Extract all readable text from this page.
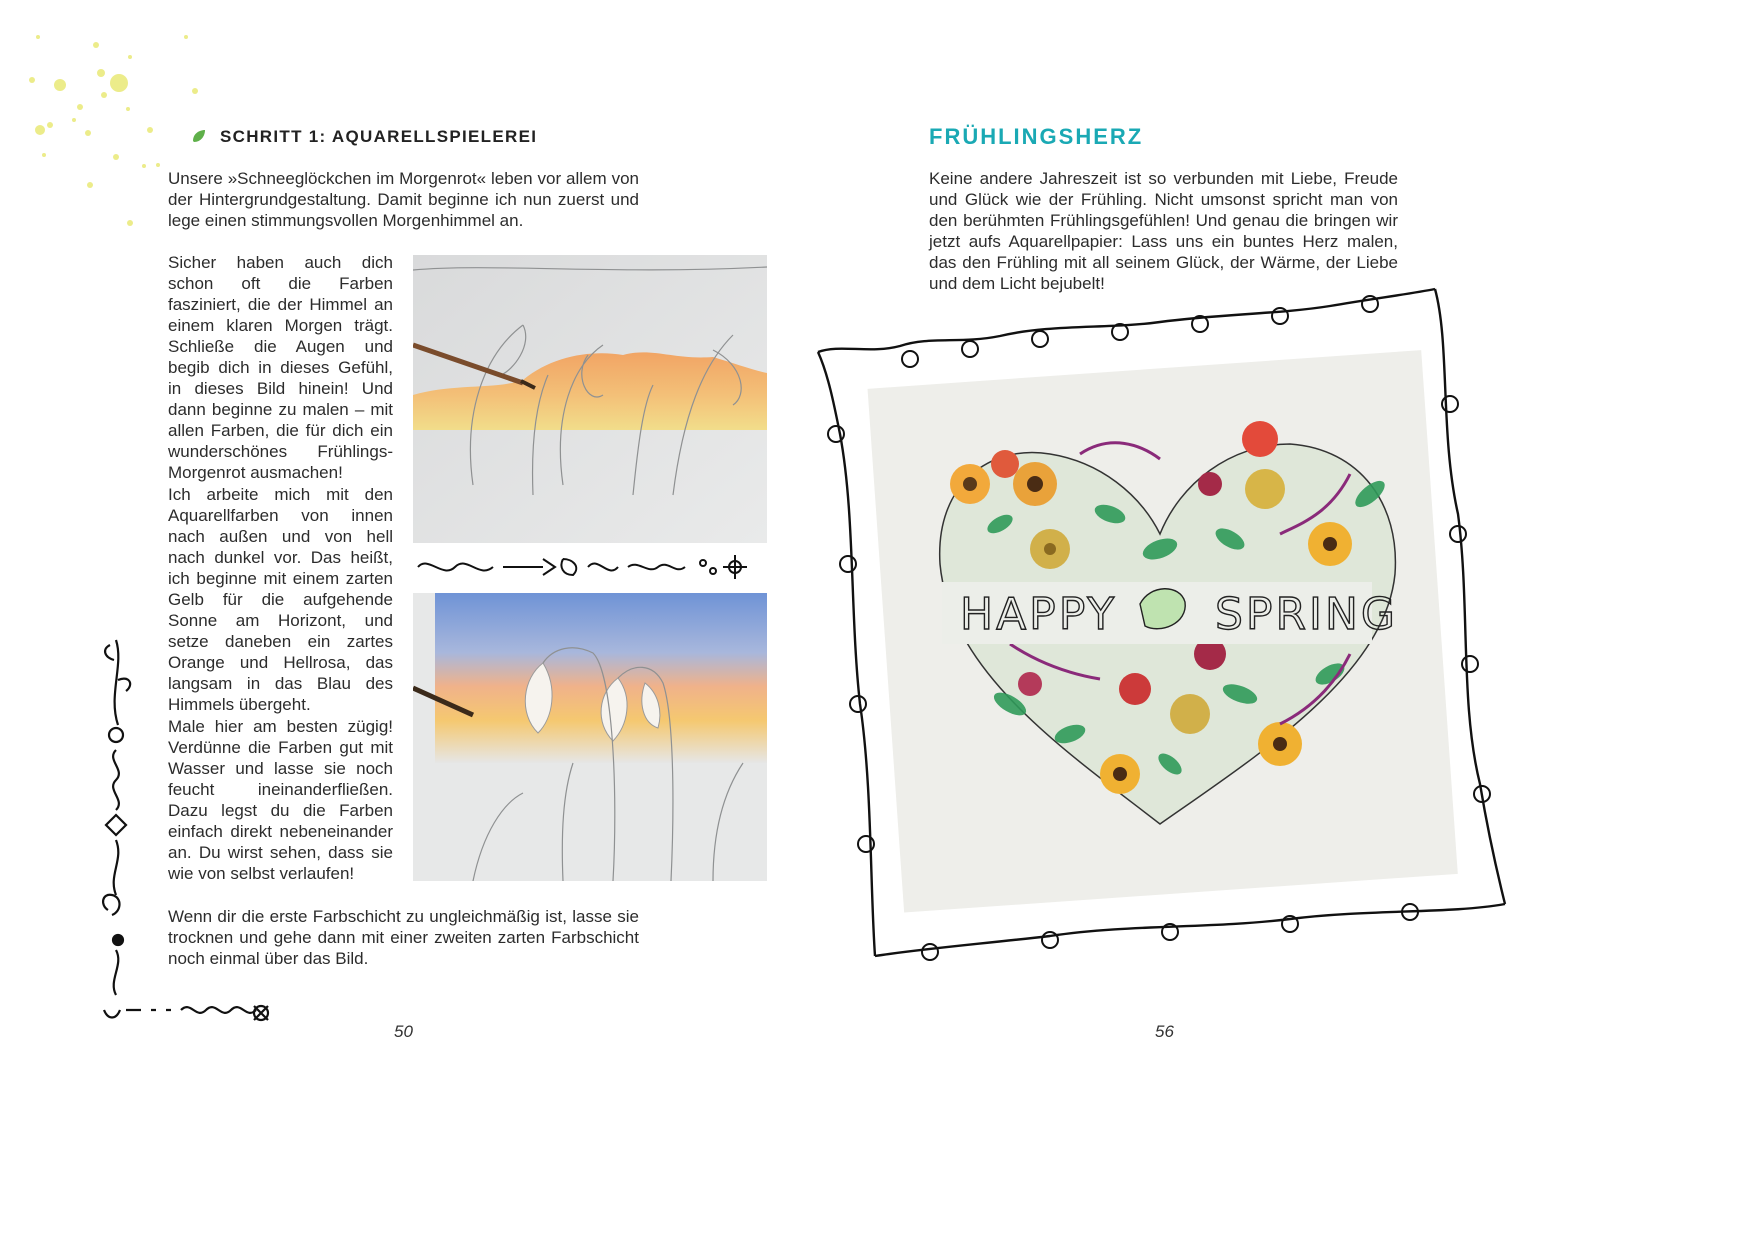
SCHRITT 1: AQUARELLSPIELEREI

Unsere »Schneeglöckchen im Morgenrot« leben vor allem von der Hintergrundgestaltung. Damit beginne ich nun zuerst und lege einen stimmungsvollen Morgenhimmel an.

Sicher haben auch dich schon oft die Farben fasziniert, die der Himmel an einem klaren Morgen trägt. Schließe die Augen und begib dich in dieses Gefühl, in dieses Bild hinein! Und dann beginne zu malen – mit allen Farben, die für dich ein wunderschönes Frühlings-Morgenrot ausmachen!

Ich arbeite mich mit den Aquarellfarben von innen nach außen und von hell nach dunkel vor. Das heißt, ich beginne mit einem zarten Gelb für die aufgehende Sonne am Horizont, und setze daneben ein zartes Orange und Hellrosa, das langsam in das Blau des Himmels übergeht.

Male hier am besten zügig! Verdünne die Farben gut mit Wasser und lasse sie noch feucht ineinanderfließen. Dazu legst du die Farben einfach direkt nebeneinander an. Du wirst sehen, dass sie wie von selbst verlaufen!

Wenn dir die erste Farbschicht zu ungleichmäßig ist, lasse sie trocknen und gehe dann mit einer zweiten zarten Farbschicht noch einmal über das Bild.

50
FRÜHLINGSHERZ

Keine andere Jahreszeit ist so verbunden mit Liebe, Freude und Glück wie der Frühling. Nicht umsonst spricht man von den berühmten Frühlingsgefühlen! Und genau die bringen wir jetzt aufs Aquarellpapier: Lass uns ein buntes Herz malen, das den Frühling mit all seinem Glück, der Wärme, der Liebe und dem Licht bejubelt!

HAPPY SPRING
56
